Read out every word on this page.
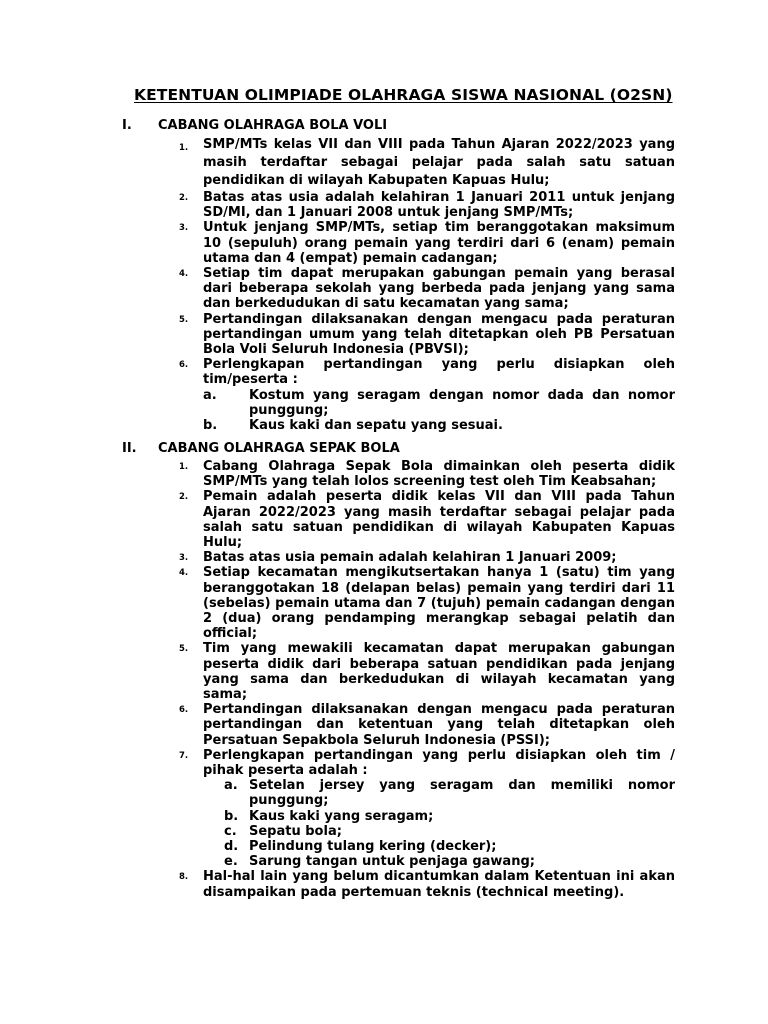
KETENTUAN OLIMPIADE OLAHRAGA SISWA NASIONAL (O2SN)
I. CABANG OLAHRAGA BOLA VOLI
1. SMP/MTs kelas VII dan VIII pada Tahun Ajaran 2022/2023 yang masih terdaftar sebagai pelajar pada salah satu satuan pendidikan di wilayah Kabupaten Kapuas Hulu;
2. Batas atas usia adalah kelahiran 1 Januari 2011 untuk jenjang SD/MI, dan 1 Januari 2008 untuk jenjang SMP/MTs;
3. Untuk jenjang SMP/MTs, setiap tim beranggotakan maksimum 10 (sepuluh) orang pemain yang terdiri dari 6 (enam) pemain utama dan 4 (empat) pemain cadangan;
4. Setiap tim dapat merupakan gabungan pemain yang berasal dari beberapa sekolah yang berbeda pada jenjang yang sama dan berkedudukan di satu kecamatan yang sama;
5. Pertandingan dilaksanakan dengan mengacu pada peraturan pertandingan umum yang telah ditetapkan oleh PB Persatuan Bola Voli Seluruh Indonesia (PBVSI);
6. Perlengkapan pertandingan yang perlu disiapkan oleh tim/peserta :
a. Kostum yang seragam dengan nomor dada dan nomor punggung;
b. Kaus kaki dan sepatu yang sesuai.
II. CABANG OLAHRAGA SEPAK BOLA
1. Cabang Olahraga Sepak Bola dimainkan oleh peserta didik SMP/MTs yang telah lolos screening test oleh Tim Keabsahan;
2. Pemain adalah peserta didik kelas VII dan VIII pada Tahun Ajaran 2022/2023 yang masih terdaftar sebagai pelajar pada salah satu satuan pendidikan di wilayah Kabupaten Kapuas Hulu;
3. Batas atas usia pemain adalah kelahiran 1 Januari 2009;
4. Setiap kecamatan mengikutsertakan hanya 1 (satu) tim yang beranggotakan 18 (delapan belas) pemain yang terdiri dari 11 (sebelas) pemain utama dan 7 (tujuh) pemain cadangan dengan 2 (dua) orang pendamping merangkap sebagai pelatih dan official;
5. Tim yang mewakili kecamatan dapat merupakan gabungan peserta didik dari beberapa satuan pendidikan pada jenjang yang sama dan berkedudukan di wilayah kecamatan yang sama;
6. Pertandingan dilaksanakan dengan mengacu pada peraturan pertandingan dan ketentuan yang telah ditetapkan oleh Persatuan Sepakbola Seluruh Indonesia (PSSI);
7. Perlengkapan pertandingan yang perlu disiapkan oleh tim / pihak peserta adalah :
a. Setelan jersey yang seragam dan memiliki nomor punggung;
b. Kaus kaki yang seragam;
c. Sepatu bola;
d. Pelindung tulang kering (decker);
e. Sarung tangan untuk penjaga gawang;
8. Hal-hal lain yang belum dicantumkan dalam Ketentuan ini akan disampaikan pada pertemuan teknis (technical meeting).
